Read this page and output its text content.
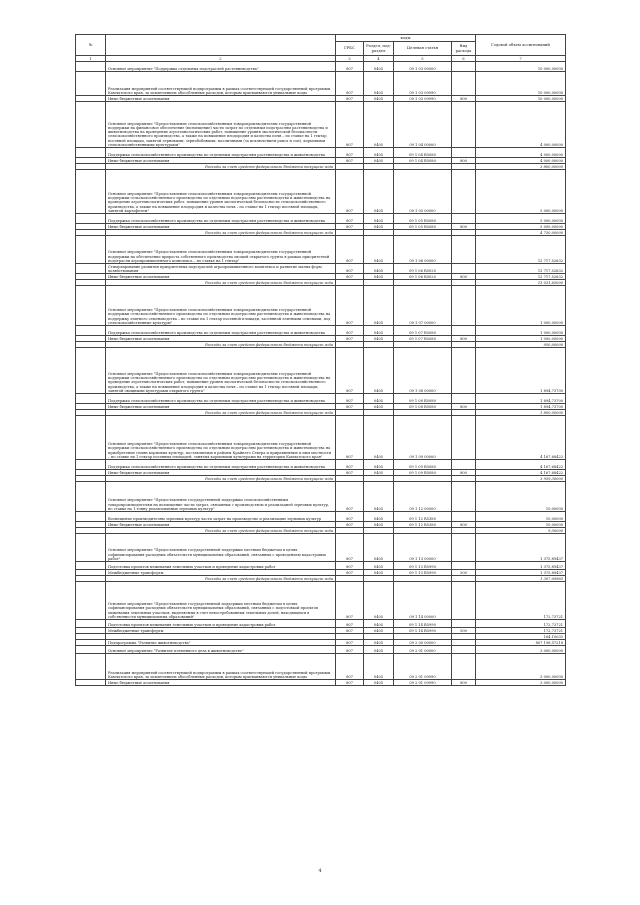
№		коды				Годовой объем ассигнований
		ГРБС	Раздел, под-раздел	Целевая статья	Вид расхода	
1	2	3	4	5	6	7
	Основное мероприятие "Поддержка отдельных подотраслей растениеводства"	807	0405	09 1 03 00000		10 000,00000
	Реализация мероприятий соответствующей подпрограммы в рамках соответствующей государственной программы Камчатского края, за исключением обособленных расходов, которым присваиваются уникальные коды	807	0405	09 1 03 09990		10 000,00000
	Иные бюджетные ассигнования	807	0405	09 1 03 09990	800	10 000,00000
	Основное мероприятие "Предоставление сельскохозяйственным товаропроизводителям государственной поддержки на финансовое обеспечение (возмещение) части затрат по отдельным подотраслям растениеводства и животноводства на проведение агротехнологических работ, повышение уровня экологической безопасности сельскохозяйственного производства, а также на повышение плодородия и качества почв – по ставке на 1 гектар посевной площади, занятой зерновыми, зернобобовыми, масличными (за исключением рапса и сои), кормовыми сельскохозяйственными культурами"	807	0405	09 1 04 00000		4 000,00000
	Поддержка сельскохозяйственного производства по отдельным подотраслям растениеводства и животноводства	807	0405	09 1 04 R5080		4 000,00000
	Иные бюджетные ассигнования	807	0405	09 1 04 R5080	800	4 000,00000
	Расходы за счет средств федерального бюджета текущего года					3 800,00000
	Основное мероприятие "Предоставление сельскохозяйственным товаропроизводителям государственной поддержки сельскохозяйственного производства по отдельным подотраслям растениеводства и животноводства на проведение агротехнологических работ, повышение уровня экологической безопасности сельскохозяйственного производства, а также на повышение плодородия и качества почв – по ставке на 1 гектар посевной площади, занятой картофелем"	807	0405	09 1 05 00000		5 000,00000
	Поддержка сельскохозяйственного производства по отдельным подотраслям растениеводства и животноводства	807	0405	09 1 05 R5080		5 000,00000
	Иные бюджетные ассигнования	807	0405	09 1 05 R5080	800	5 000,00000
	Расходы за счет средств федерального бюджета текущего года					4 750,00000
	Основное мероприятие "Предоставление сельскохозяйственным товаропроизводителям государственной поддержки на обеспечение прироста собственного производства овощей открытого грунта в рамках приоритетной подотрасли агропромышленного комплекса – по ставке на 1 гектар"	807	0405	09 1 06 00000		13 717,52632
	Стимулирование развития приоритетных подотраслей агропромышленного комплекса и развитие малых форм хозяйствования	807	0405	09 1 06 R5020		13 717,52632
	Иные бюджетные ассигнования	807	0405	09 1 06 R5020	800	13 717,52632
	Расходы за счет средств федерального бюджета текущего года					13 031,65000
	Основное мероприятие "Предоставление сельскохозяйственным товаропроизводителям государственной поддержки сельскохозяйственного производства по отдельным подотраслям растениеводства и животноводства на поддержку элитного семеноводства – по ставке на 1 гектар посевной площади, засеянной элитными семенами, под сельскохозяйственные культуры"	807	0405	09 1 07 00000		1 000,00000
	Поддержка сельскохозяйственного производства по отдельным подотраслям растениеводства и животноводства	807	0405	09 1 07 R5080		1 000,00000
	Иные бюджетные ассигнования	807	0405	09 1 07 R5080	800	1 000,00000
	Расходы за счет средств федерального бюджета текущего года					950,00000
	Основное мероприятие "Предоставление сельскохозяйственным товаропроизводителям государственной поддержки сельскохозяйственного производства по отдельным подотраслям растениеводства и животноводства на проведение агротехнологических работ, повышение уровня экологической безопасности сельскохозяйственного производства, а также на повышение плодородия и качества почв – по ставке на 1 гектар посевной площади, занятой овощными культурами открытого грунта"	807	0405	09 1 08 00000		1 894,73700
	Поддержка сельскохозяйственного производства по отдельным подотраслям растениеводства и животноводства	807	0405	09 1 08 R5080		1 894,73700
	Иные бюджетные ассигнования	807	0405	09 1 08 R5080	800	1 894,73700
	Расходы за счет средств федерального бюджета текущего года					1 800,00000
	Основное мероприятие "Предоставление сельскохозяйственным товаропроизводителям государственной поддержки сельскохозяйственного производства по отдельным подотраслям растениеводства и животноводства на приобретение семян кормовых культур, поставляемых в районы Крайнего Севера и приравненные к ним местности – по ставке на 1 гектар посевных площадей, занятых кормовыми культурами на территории Камчатского края"	807	0405	09 1 09 00000		4 167,68422
	Поддержка сельскохозяйственного производства по отдельным подотраслям растениеводства и животноводства	807	0405	09 1 09 R5080		4 167,68422
	Иные бюджетные ассигнования	807	0405	09 1 09 R5080	800	4 167,68422
	Расходы за счет средств федерального бюджета текущего года					3 959,30000
	Основное мероприятие "Предоставление государственной поддержки сельскохозяйственным товаропроизводителям на возмещение части затрат, связанных с производством и реализацией зерновых культур, по ставке на 1 тонну реализованных зерновых культур"	807	0405	09 1 12 00000		10,00000
	Возмещение производителям зерновых культур части затрат на производство и реализацию зерновых культур	807	0405	09 1 12 R5380		10,00000
	Иные бюджетные ассигнования	807	0405	09 1 12 R5380	800	10,00000
	Расходы за счет средств федерального бюджета текущего года					9,50000
	Основное мероприятие "Предоставление государственной поддержки местным бюджетам в целях софинансирования расходных обязательств муниципальных образований, связанных с проведением кадастровых работ"	807	0405	09 1 13 00000		1 375,89437
	Подготовка проектов межевания земельных участков и проведение кадастровых работ	807	0405	09 1 13 R5990		1 375,89437
	Межбюджетные трансферты	807	0405	09 1 13 R5990	500	1 375,89437
	Расходы за счет средств федерального бюджета текущего года					1 307,09965
	Основное мероприятие "Предоставление государственной поддержки местным бюджетам в целях софинансирования расходных обязательств муниципальных образований, связанных с подготовкой проектов межевания земельных участков, выделяемых в счет невостребованных земельных долей, находящихся в собственности муниципальных образований"	807	0405	09 1 14 00000		172,73721
	Подготовка проектов межевания земельных участков и проведение кадастровых работ	807	0405	09 1 14 R5990		172,73721
	Межбюджетные трансферты	807	0405	09 1 14 R5990	500	172,73721
						164,10035
	Подпрограмма "Развитие животноводства"	807	0405	09 2 00 00000		807 198,57218
	Основное мероприятие "Развитие племенного дела в животноводстве"	807	0405	09 2 01 00000		3 000,00000
	Реализация мероприятий соответствующей подпрограммы в рамках соответствующей государственной программы Камчатского края, за исключением обособленных расходов, которым присваиваются уникальные коды	807	0405	09 2 01 09990		3 000,00000
	Иные бюджетные ассигнования	807	0405	09 2 01 09990	800	3 000,00000
4
